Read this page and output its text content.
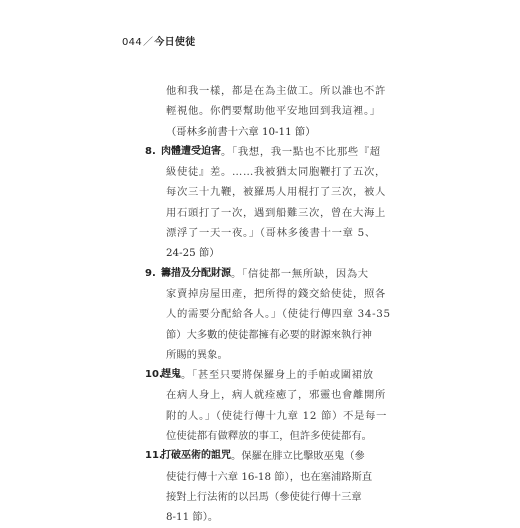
044／今日使徒
他和我一樣，都是在為主做工。所以誰也不許
輕視他。你們要幫助他平安地回到我這裡。」
（哥林多前書十六章 10-11 節）
8. 肉體遭受迫害 。「我想，我一點也不比那些『超
級使徒』差。……我被猶太同胞鞭打了五次，
每次三十九鞭，被羅馬人用棍打了三次，被人
用石頭打了一次，遇到船難三次，曾在大海上
漂浮了一天一夜。」（哥林多後書十一章 5、
24-25 節）
9. 籌措及分配財源 。「信徒都一無所缺，因為大
家賣掉房屋田產，把所得的錢交給使徒，照各
人的需要分配給各人。」（使徒行傳四章 34-35
節）大多數的使徒都擁有必要的財源來執行神
所賜的異象。
10.
趕鬼 。「甚至只要將保羅身上的手帕或圍裙放
在病人身上，病人就痊癒了，邪靈也會離開所
附的人。」（使徒行傳十九章 12 節）不是每一
位使徒都有做釋放的事工，但許多使徒都有。
11.
打破巫術的詛咒 。保羅在腓立比擊敗巫鬼（參
使徒行傳十六章 16-18 節），也在塞浦路斯直
接對上行法術的以呂馬（參使徒行傳十三章
8-11 節）。
